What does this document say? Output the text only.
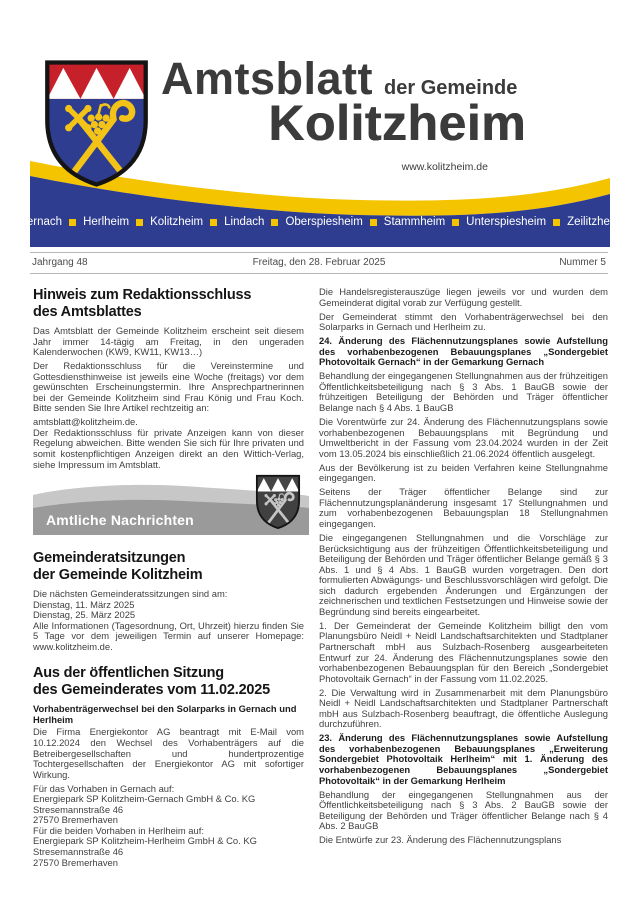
Amtsblatt der Gemeinde
Kolitzheim
www.kolitzheim.de
Gernach Herlheim Kolitzheim Lindach Oberspiesheim Stammheim Unterspiesheim Zeilitzheim
Jahrgang 48	Freitag, den 28. Februar 2025	Nummer 5
Hinweis zum Redaktionsschluss
des Amtsblattes

Das Amtsblatt der Gemeinde Kolitzheim erscheint seit diesem Jahr immer 14-tägig am Freitag, in den ungeraden Kalenderwochen (KW9, KW11, KW13…)

Der Redaktionsschluss für die Vereinstermine und Gottesdiensthinweise ist jeweils eine Woche (freitags) vor dem gewünschten Erscheinungstermin. Ihre Ansprechpartnerinnen bei der Gemeinde Kolitzheim sind Frau König und Frau Koch. Bitte senden Sie Ihre Artikel rechtzeitig an:

amtsblatt@kolitzheim.de.

Der Redaktionsschluss für private Anzeigen kann von dieser Regelung abweichen. Bitte wenden Sie sich für Ihre privaten und somit kostenpflichtigen Anzeigen direkt an den Wittich-Verlag, siehe Impressum im Amtsblatt.

Amtliche Nachrichten
Gemeinderatsitzungen
der Gemeinde Kolitzheim

Die nächsten Gemeinderatssitzungen sind am:

Dienstag, 11. März 2025

Dienstag, 25. März 2025

Alle Informationen (Tagesordnung, Ort, Uhrzeit) hierzu finden Sie 5 Tage vor dem jeweiligen Termin auf unserer Homepage: www.kolitzheim.de.

Aus der öffentlichen Sitzung
des Gemeinderates vom 11.02.2025

Vorhabenträgerwechsel bei den Solarparks in Gernach und Herlheim

Die Firma Energiekontor AG beantragt mit E-Mail vom 10.12.2024 den Wechsel des Vorhabenträgers auf die Betreibergesellschaften und hundertprozentige Tochtergesellschaften der Energiekontor AG mit sofortiger Wirkung.

Für das Vorhaben in Gernach auf:

Energiepark SP Kolitzheim-Gernach GmbH & Co. KG

Stresemannstraße 46

27570 Bremerhaven

Für die beiden Vorhaben in Herlheim auf:

Energiepark SP Kolitzheim-Herlheim GmbH & Co. KG

Stresemannstraße 46

27570 Bremerhaven

Die Handelsregisterauszüge liegen jeweils vor und wurden dem Gemeinderat digital vorab zur Verfügung gestellt.

Der Gemeinderat stimmt den Vorhabenträgerwechsel bei den Solarparks in Gernach und Herlheim zu.

24. Änderung des Flächennutzungsplanes sowie Aufstellung des vorhabenbezogenen Bebauungsplanes „Sondergebiet Photovoltaik Gernach“ in der Gemarkung Gernach

Behandlung der eingegangenen Stellungnahmen aus der frühzeitigen Öffentlichkeitsbeteiligung nach § 3 Abs. 1 BauGB sowie der frühzeitigen Beteiligung der Behörden und Träger öffentlicher Belange nach § 4 Abs. 1 BauGB

Die Vorentwürfe zur 24. Änderung des Flächennutzungsplans sowie vorhabenbezogenen Bebauungsplans mit Begründung und Umweltbericht in der Fassung vom 23.04.2024 wurden in der Zeit vom 13.05.2024 bis einschließlich 21.06.2024 öffentlich ausgelegt.

Aus der Bevölkerung ist zu beiden Verfahren keine Stellungnahme eingegangen.

Seitens der Träger öffentlicher Belange sind zur Flächennutzungsplanänderung insgesamt 17 Stellungnahmen und zum vorhabenbezogenen Bebauungsplan 18 Stellungnahmen eingegangen.

Die eingegangenen Stellungnahmen und die Vorschläge zur Berücksichtigung aus der frühzeitigen Öffentlichkeitsbeteiligung und Beteiligung der Behörden und Träger öffentlicher Belange gemäß § 3 Abs. 1 und § 4 Abs. 1 BauGB wurden vorgetragen. Den dort formulierten Abwägungs- und Beschlussvorschlägen wird gefolgt. Die sich dadurch ergebenden Änderungen und Ergänzungen der zeichnerischen und textlichen Festsetzungen und Hinweise sowie der Begründung sind bereits eingearbeitet.

1. Der Gemeinderat der Gemeinde Kolitzheim billigt den vom Planungsbüro Neidl + Neidl Landschaftsarchitekten und Stadtplaner Partnerschaft mbH aus Sulzbach-Rosenberg ausgearbeiteten Entwurf zur 24. Änderung des Flächennutzungsplanes sowie den vorhabenbezogenen Bebauungsplan für den Bereich „Sondergebiet Photovoltaik Gernach“ in der Fassung vom 11.02.2025.

2. Die Verwaltung wird in Zusammenarbeit mit dem Planungsbüro Neidl + Neidl Landschaftsarchitekten und Stadtplaner Partnerschaft mbH aus Sulzbach-Rosenberg beauftragt, die öffentliche Auslegung durchzuführen.

23. Änderung des Flächennutzungsplanes sowie Aufstellung des vorhabenbezogenen Bebauungsplanes „Erweiterung Sondergebiet Photovoltaik Herlheim“ mit 1. Änderung des vorhabenbezogenen Bebauungsplanes „Sondergebiet Photovoltaik“ in der Gemarkung Herlheim

Behandlung der eingegangenen Stellungnahmen aus der Öffentlichkeitsbeteiligung nach § 3 Abs. 2 BauGB sowie der Beteiligung der Behörden und Träger öffentlicher Belange nach § 4 Abs. 2 BauGB

Die Entwürfe zur 23. Änderung des Flächennutzungsplans
